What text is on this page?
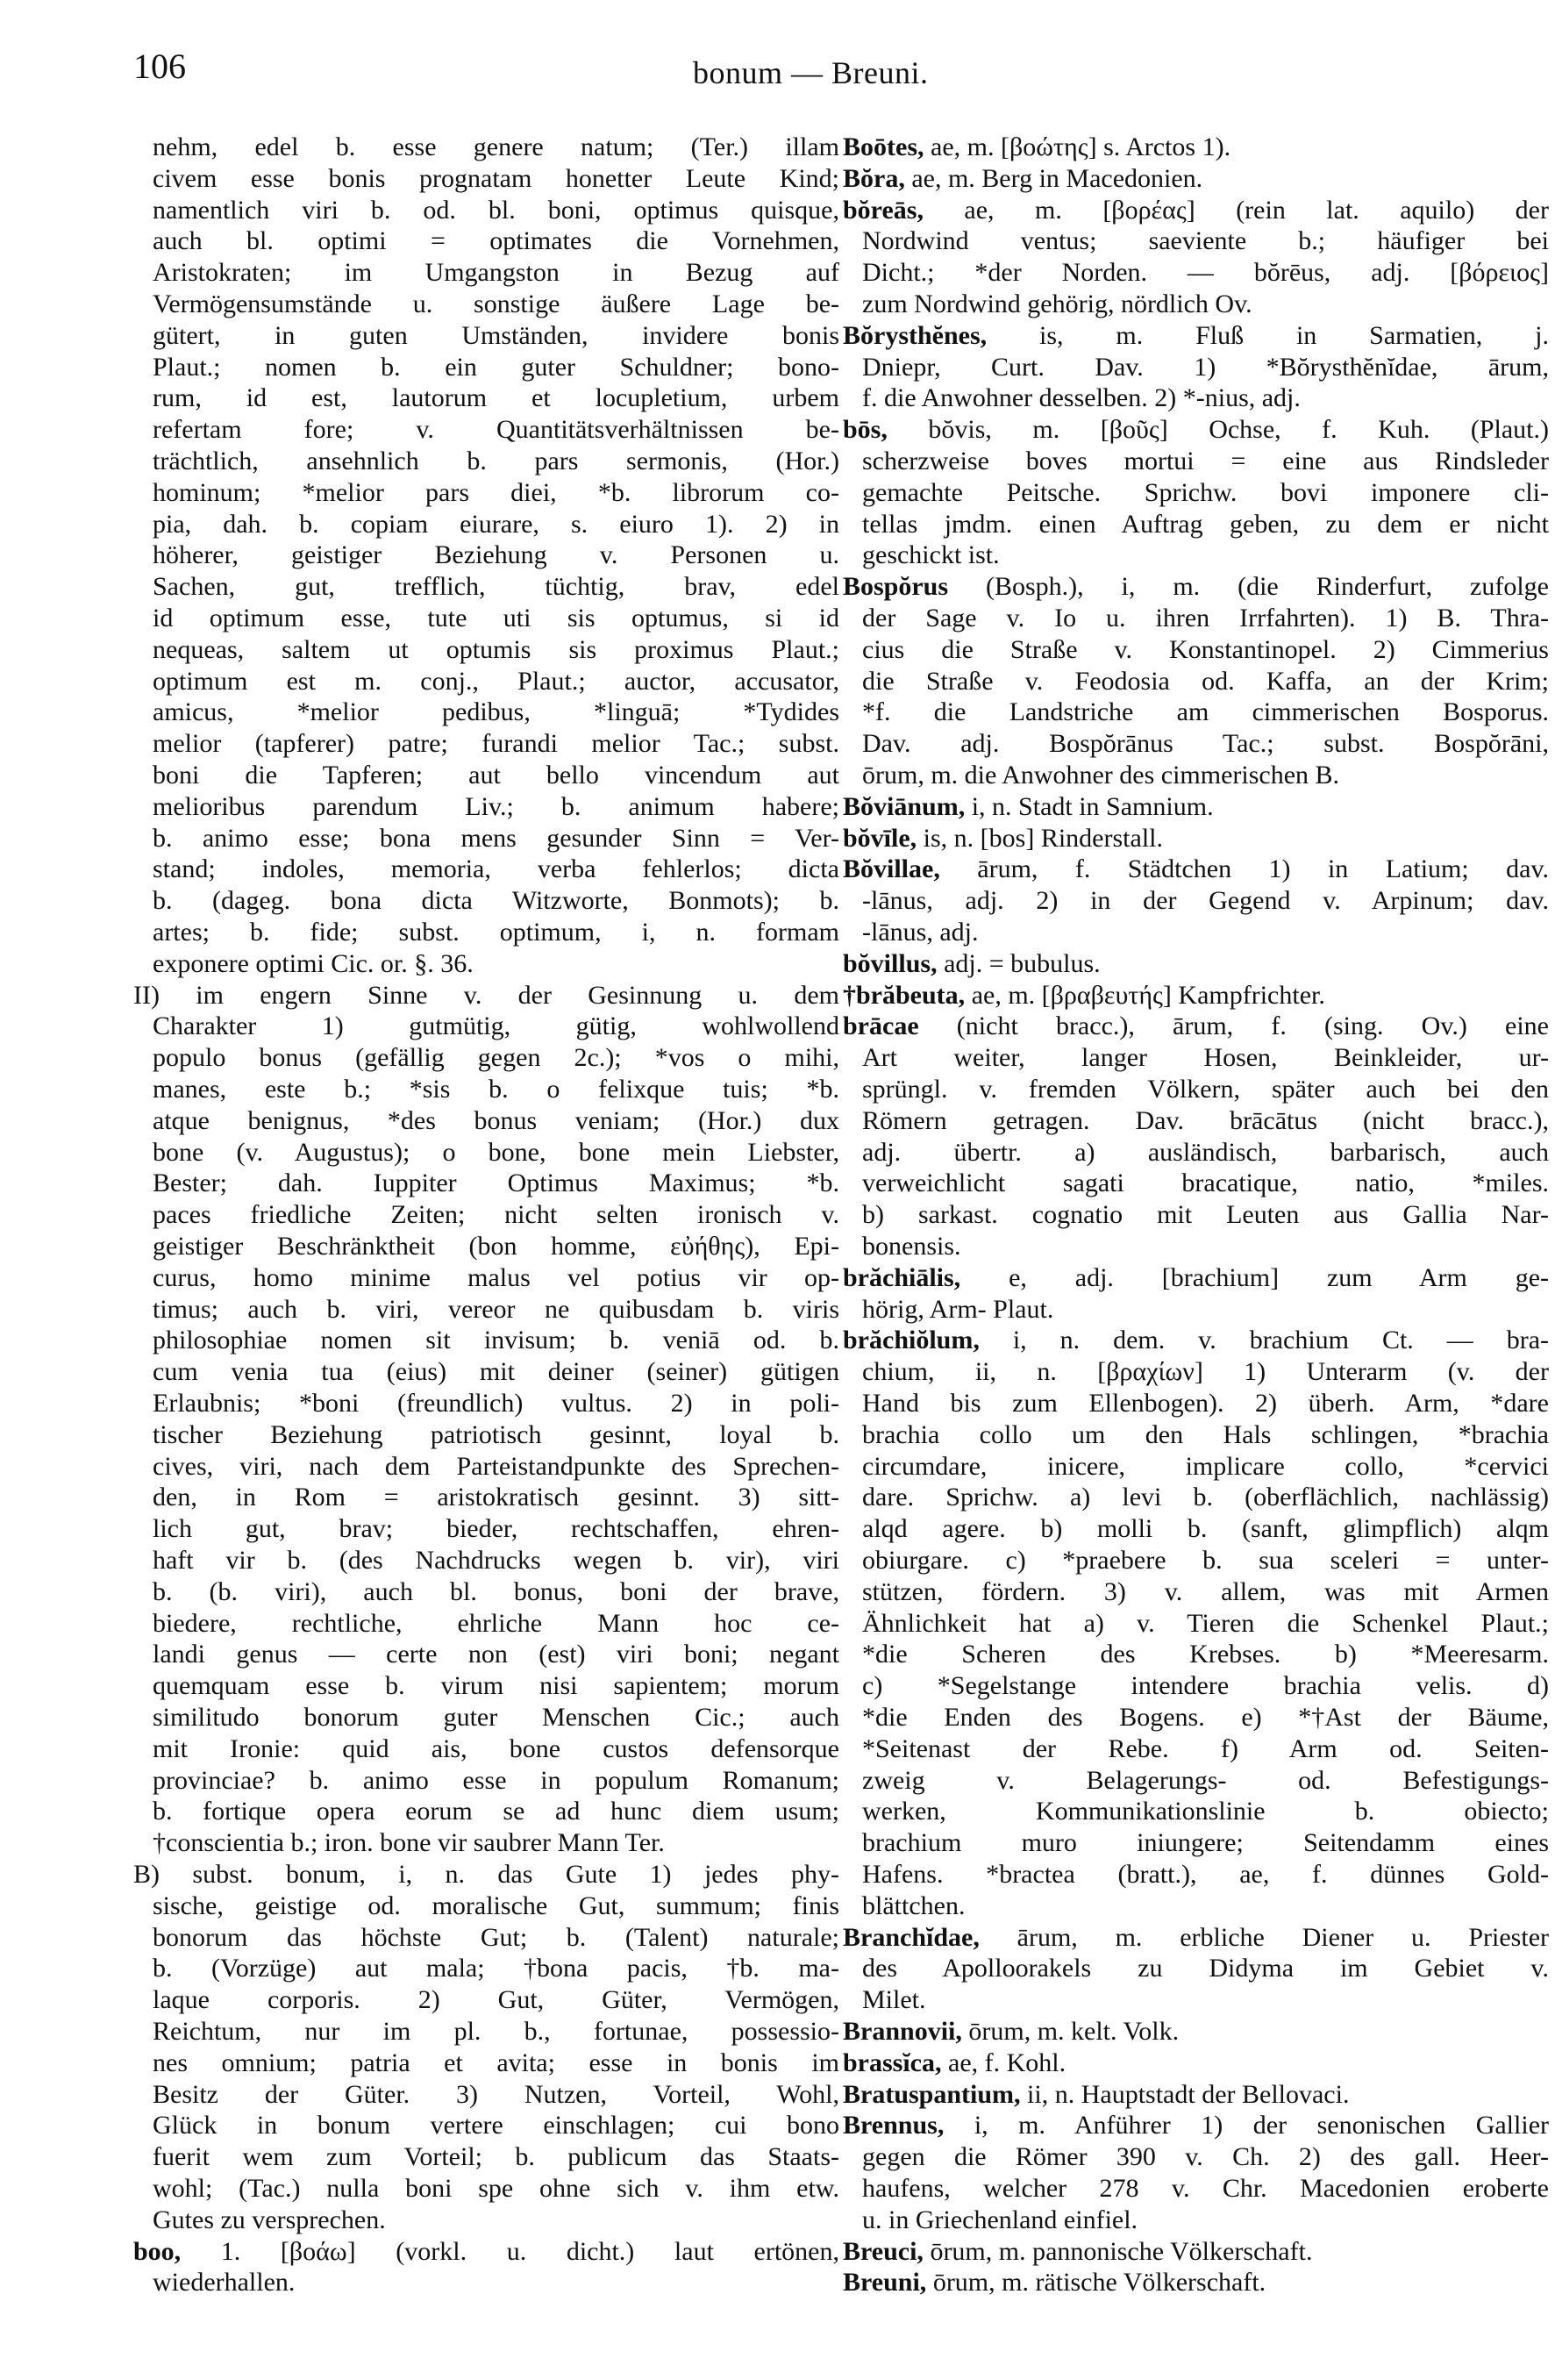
106	bonum — Breuni.
nehm, edel b. esse genere natum; (Ter.) illam
civem esse bonis prognatam honetter Leute Kind;
namentlich viri b. od. bl. boni, optimus quisque,
auch bl. optimi = optimates die Vornehmen,
Aristokraten; im Umgangston in Bezug auf
Vermögensumstände u. sonstige äußere Lage be-
gütert, in guten Umständen, invidere bonis
Plaut.; nomen b. ein guter Schuldner; bono-
rum, id est, lautorum et locupletium, urbem
refertam fore; v. Quantitätsverhältnissen be-
trächtlich, ansehnlich b. pars sermonis, (Hor.)
hominum; *melior pars diei, *b. librorum co-
pia, dah. b. copiam eiurare, s. eiuro 1). 2) in
höherer, geistiger Beziehung v. Personen u.
Sachen, gut, trefflich, tüchtig, brav, edel
id optimum esse, tute uti sis optumus, si id
nequeas, saltem ut optumis sis proximus Plaut.;
optimum est m. conj., Plaut.; auctor, accusator,
amicus, *melior pedibus, *linguā; *Tydides
melior (tapferer) patre; furandi melior Tac.; subst.
boni die Tapferen; aut bello vincendum aut
melioribus parendum Liv.; b. animum habere;
b. animo esse; bona mens gesunder Sinn = Ver-
stand; indoles, memoria, verba fehlerlos; dicta
b. (dageg. bona dicta Witzworte, Bonmots); b.
artes; b. fide; subst. optimum, i, n. formam
exponere optimi Cic. or. §. 36.
II) im engern Sinne v. der Gesinnung u. dem
Charakter 1) gutmütig, gütig, wohlwollend
populo bonus (gefällig gegen 2c.); *vos o mihi,
manes, este b.; *sis b. o felixque tuis; *b.
atque benignus, *des bonus veniam; (Hor.) dux
bone (v. Augustus); o bone, bone mein Liebster,
Bester; dah. Iuppiter Optimus Maximus; *b.
paces friedliche Zeiten; nicht selten ironisch v.
geistiger Beschränktheit (bon homme, εὐήθης), Epi-
curus, homo minime malus vel potius vir op-
timus; auch b. viri, vereor ne quibusdam b. viris
philosophiae nomen sit invisum; b. veniā od. b.
cum venia tua (eius) mit deiner (seiner) gütigen
Erlaubnis; *boni (freundlich) vultus. 2) in poli-
tischer Beziehung patriotisch gesinnt, loyal b.
cives, viri, nach dem Parteistandpunkte des Sprechen-
den, in Rom = aristokratisch gesinnt. 3) sitt-
lich gut, brav; bieder, rechtschaffen, ehren-
haft vir b. (des Nachdrucks wegen b. vir), viri
b. (b. viri), auch bl. bonus, boni der brave,
biedere, rechtliche, ehrliche Mann hoc ce-
landi genus — certe non (est) viri boni; negant
quemquam esse b. virum nisi sapientem; morum
similitudo bonorum guter Menschen Cic.; auch
mit Ironie: quid ais, bone custos defensorque
provinciae? b. animo esse in populum Romanum;
b. fortique opera eorum se ad hunc diem usum;
†conscientia b.; iron. bone vir saubrer Mann Ter.
B) subst. bonum, i, n. das Gute 1) jedes phy-
sische, geistige od. moralische Gut, summum; finis
bonorum das höchste Gut; b. (Talent) naturale;
b. (Vorzüge) aut mala; †bona pacis, †b. ma-
laque corporis. 2) Gut, Güter, Vermögen,
Reichtum, nur im pl. b., fortunae, possessio-
nes omnium; patria et avita; esse in bonis im
Besitz der Güter. 3) Nutzen, Vorteil, Wohl,
Glück in bonum vertere einschlagen; cui bono
fuerit wem zum Vorteil; b. publicum das Staats-
wohl; (Tac.) nulla boni spe ohne sich v. ihm etw.
Gutes zu versprechen.
boo, 1. [βοάω] (vorkl. u. dicht.) laut ertönen,
wiederhallen.
Boōtes, ae, m. [βοώτης] s. Arctos 1).
Bŏra, ae, m. Berg in Macedonien.
bŏreās, ae, m. [βορέας] (rein lat. aquilo) der
Nordwind ventus; saeviente b.; häufiger bei
Dicht.; *der Norden. — bŏrēus, adj. [βόρειος]
zum Nordwind gehörig, nördlich Ov.
Bŏrysthĕnes, is, m. Fluß in Sarmatien, j.
Dniepr, Curt. Dav. 1) *Bŏrysthĕnĭdae, ārum,
f. die Anwohner desselben. 2) *-nius, adj.
bōs, bŏvis, m. [βοῦς] Ochse, f. Kuh. (Plaut.)
scherzweise boves mortui = eine aus Rindsleder
gemachte Peitsche. Sprichw. bovi imponere cli-
tellas jmdm. einen Auftrag geben, zu dem er nicht
geschickt ist.
Bospŏrus (Bosph.), i, m. (die Rinderfurt, zufolge
der Sage v. Io u. ihren Irrfahrten). 1) B. Thra-
cius die Straße v. Konstantinopel. 2) Cimmerius
die Straße v. Feodosia od. Kaffa, an der Krim;
*f. die Landstriche am cimmerischen Bosporus.
Dav. adj. Bospŏrānus Tac.; subst. Bospŏrāni,
ōrum, m. die Anwohner des cimmerischen B.
Bŏviānum, i, n. Stadt in Samnium.
bŏvīle, is, n. [bos] Rinderstall.
Bŏvillae, ārum, f. Städtchen 1) in Latium; dav.
-lānus, adj. 2) in der Gegend v. Arpinum; dav.
-lānus, adj.
bŏvillus, adj. = bubulus.
†brăbeuta, ae, m. [βραβευτής] Kampfrichter.
brācae (nicht bracc.), ārum, f. (sing. Ov.) eine
Art weiter, langer Hosen, Beinkleider, ur-
sprüngl. v. fremden Völkern, später auch bei den
Römern getragen. Dav. brācātus (nicht bracc.),
adj. übertr. a) ausländisch, barbarisch, auch
verweichlicht sagati bracatique, natio, *miles.
b) sarkast. cognatio mit Leuten aus Gallia Nar-
bonensis.
brăchiālis, e, adj. [brachium] zum Arm ge-
hörig, Arm- Plaut.
brăchiŏlum, i, n. dem. v. brachium Ct. — bra-
chium, ii, n. [βραχίων] 1) Unterarm (v. der
Hand bis zum Ellenbogen). 2) überh. Arm, *dare
brachia collo um den Hals schlingen, *brachia
circumdare, inicere, implicare collo, *cervici
dare. Sprichw. a) levi b. (oberflächlich, nachlässig)
alqd agere. b) molli b. (sanft, glimpflich) alqm
obiurgare. c) *praebere b. sua sceleri = unter-
stützen, fördern. 3) v. allem, was mit Armen
Ähnlichkeit hat a) v. Tieren die Schenkel Plaut.;
*die Scheren des Krebses. b) *Meeresarm.
c) *Segelstange intendere brachia velis. d)
*die Enden des Bogens. e) *†Ast der Bäume,
*Seitenast der Rebe. f) Arm od. Seiten-
zweig v. Belagerungs- od. Befestigungs-
werken, Kommunikationslinie b. obiecto;
brachium muro iniungere; Seitendamm eines
Hafens. *bractea (bratt.), ae, f. dünnes Gold-
blättchen.
Branchĭdae, ārum, m. erbliche Diener u. Priester
des Apolloorakels zu Didyma im Gebiet v.
Milet.
Brannovii, ōrum, m. kelt. Volk.
brassĭca, ae, f. Kohl.
Bratuspantium, ii, n. Hauptstadt der Bellovaci.
Brennus, i, m. Anführer 1) der senonischen Gallier
gegen die Römer 390 v. Ch. 2) des gall. Heer-
haufens, welcher 278 v. Chr. Macedonien eroberte
u. in Griechenland einfiel.
Breuci, ōrum, m. pannonische Völkerschaft.
Breuni, ōrum, m. rätische Völkerschaft.
